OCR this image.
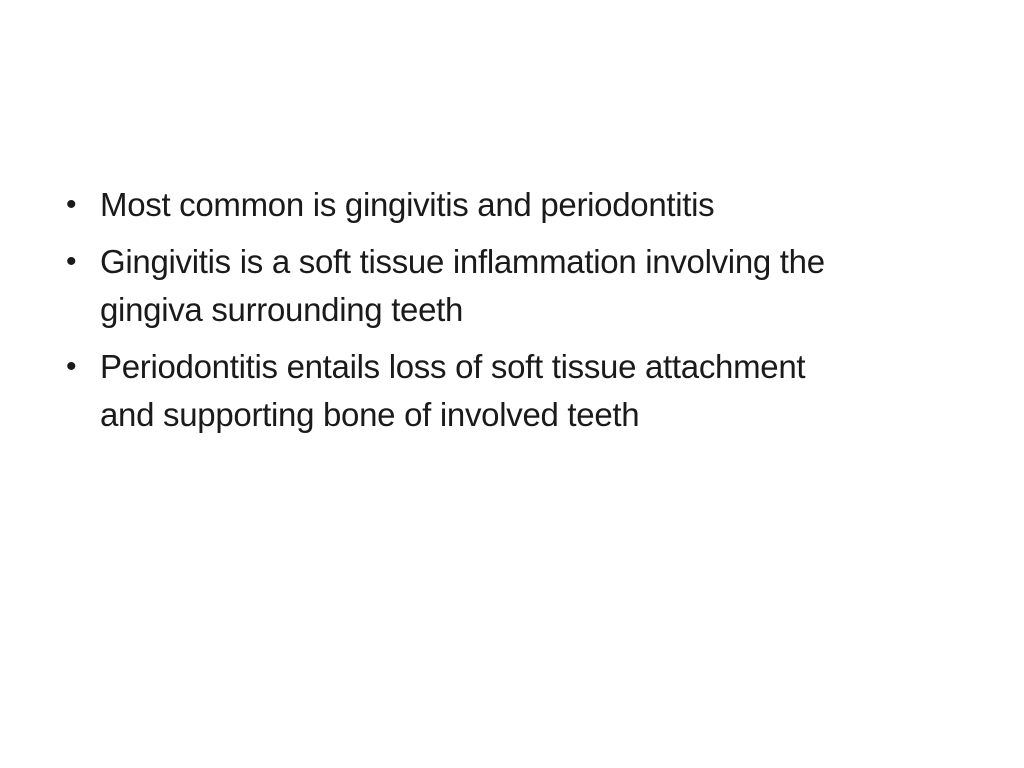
• Most common is gingivitis and periodontitis
• Gingivitis is a soft tissue inflammation involving the
gingiva surrounding teeth
• Periodontitis entails loss of soft tissue attachment
and supporting bone of involved teeth
